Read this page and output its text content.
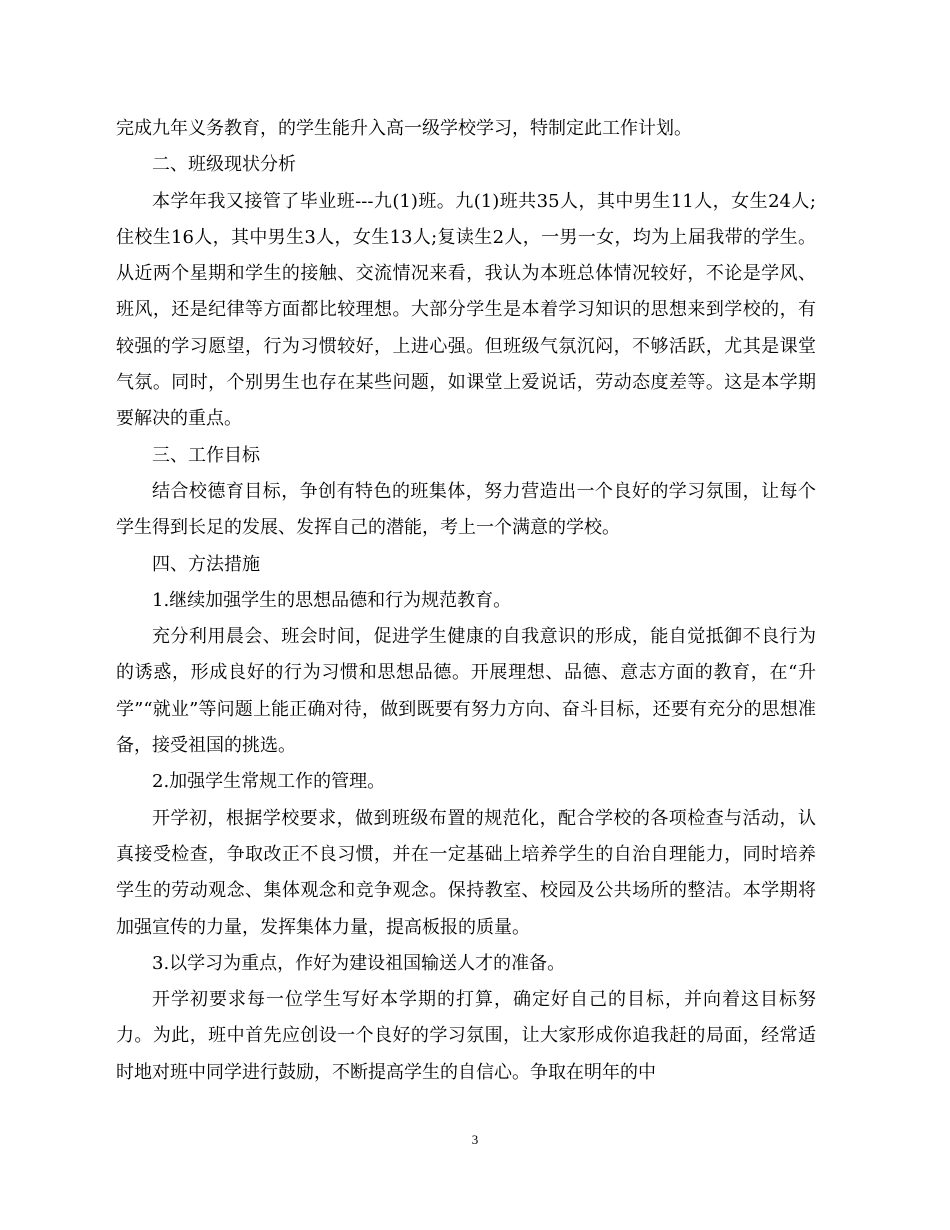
完成九年义务教育，的学生能升入高一级学校学习，特制定此工作计划。

二、班级现状分析

本学年我又接管了毕业班---九(1)班。九(1)班共35人，其中男生11人，女生24人;住校生16人，其中男生3人，女生13人;复读生2人，一男一女，均为上届我带的学生。从近两个星期和学生的接触、交流情况来看，我认为本班总体情况较好，不论是学风、班风，还是纪律等方面都比较理想。大部分学生是本着学习知识的思想来到学校的，有较强的学习愿望，行为习惯较好，上进心强。但班级气氛沉闷，不够活跃，尤其是课堂气氛。同时，个别男生也存在某些问题，如课堂上爱说话，劳动态度差等。这是本学期要解决的重点。

三、工作目标

结合校德育目标，争创有特色的班集体，努力营造出一个良好的学习氛围，让每个学生得到长足的发展、发挥自己的潜能，考上一个满意的学校。

四、方法措施

1.继续加强学生的思想品德和行为规范教育。

充分利用晨会、班会时间，促进学生健康的自我意识的形成，能自觉抵御不良行为的诱惑，形成良好的行为习惯和思想品德。开展理想、品德、意志方面的教育，在“升学”“就业”等问题上能正确对待，做到既要有努力方向、奋斗目标，还要有充分的思想准备，接受祖国的挑选。

2.加强学生常规工作的管理。

开学初，根据学校要求，做到班级布置的规范化，配合学校的各项检查与活动，认真接受检查，争取改正不良习惯，并在一定基础上培养学生的自治自理能力，同时培养学生的劳动观念、集体观念和竞争观念。保持教室、校园及公共场所的整洁。本学期将加强宣传的力量，发挥集体力量，提高板报的质量。

3.以学习为重点，作好为建设祖国输送人才的准备。

开学初要求每一位学生写好本学期的打算，确定好自己的目标，并向着这目标努力。为此，班中首先应创设一个良好的学习氛围，让大家形成你追我赶的局面，经常适时地对班中同学进行鼓励，不断提高学生的自信心。争取在明年的中

3
